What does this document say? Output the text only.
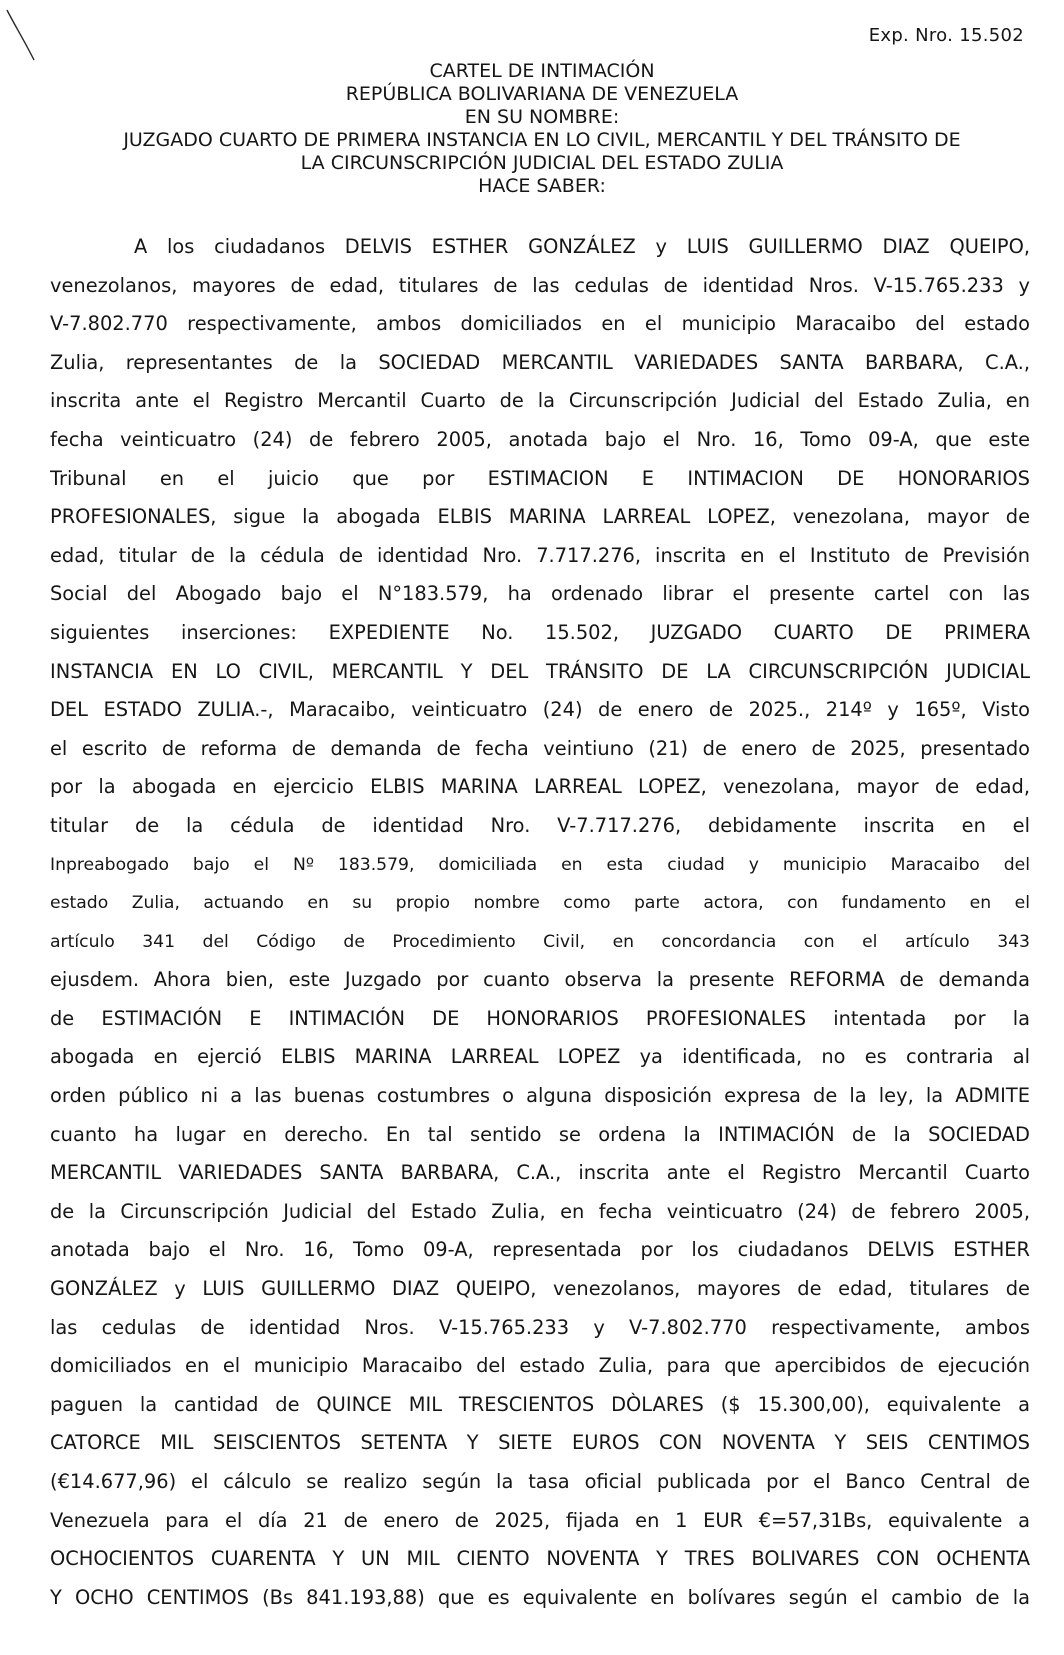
Exp. Nro. 15.502
CARTEL DE INTIMACIÓN
REPÚBLICA BOLIVARIANA DE VENEZUELA
EN SU NOMBRE:
JUZGADO CUARTO DE PRIMERA INSTANCIA EN LO CIVIL, MERCANTIL Y DEL TRÁNSITO DE
LA CIRCUNSCRIPCIÓN JUDICIAL DEL ESTADO ZULIA
HACE SABER:
A los ciudadanos DELVIS ESTHER GONZÁLEZ y LUIS GUILLERMO DIAZ QUEIPO,
venezolanos, mayores de edad, titulares de las cedulas de identidad Nros. V-15.765.233 y
V-7.802.770 respectivamente, ambos domiciliados en el municipio Maracaibo del estado
Zulia, representantes de la SOCIEDAD MERCANTIL VARIEDADES SANTA BARBARA, C.A.,
inscrita ante el Registro Mercantil Cuarto de la Circunscripción Judicial del Estado Zulia, en
fecha veinticuatro (24) de febrero 2005, anotada bajo el Nro. 16, Tomo 09-A, que este
Tribunal en el juicio que por ESTIMACION E INTIMACION DE HONORARIOS
PROFESIONALES, sigue la abogada ELBIS MARINA LARREAL LOPEZ, venezolana, mayor de
edad, titular de la cédula de identidad Nro. 7.717.276, inscrita en el Instituto de Previsión
Social del Abogado bajo el N°183.579, ha ordenado librar el presente cartel con las
siguientes inserciones: EXPEDIENTE No. 15.502, JUZGADO CUARTO DE PRIMERA
INSTANCIA EN LO CIVIL, MERCANTIL Y DEL TRÁNSITO DE LA CIRCUNSCRIPCIÓN JUDICIAL
DEL ESTADO ZULIA.-, Maracaibo, veinticuatro (24) de enero de 2025., 214º y 165º, Visto
el escrito de reforma de demanda de fecha veintiuno (21) de enero de 2025, presentado
por la abogada en ejercicio ELBIS MARINA LARREAL LOPEZ, venezolana, mayor de edad,
titular de la cédula de identidad Nro. V-7.717.276, debidamente inscrita en el
Inpreabogado bajo el Nº 183.579, domiciliada en esta ciudad y municipio Maracaibo del
estado Zulia, actuando en su propio nombre como parte actora, con fundamento en el
artículo 341 del Código de Procedimiento Civil, en concordancia con el artículo 343
ejusdem. Ahora bien, este Juzgado por cuanto observa la presente REFORMA de demanda
de ESTIMACIÓN E INTIMACIÓN DE HONORARIOS PROFESIONALES intentada por la
abogada en ejerció ELBIS MARINA LARREAL LOPEZ ya identificada, no es contraria al
orden público ni a las buenas costumbres o alguna disposición expresa de la ley, la ADMITE
cuanto ha lugar en derecho. En tal sentido se ordena la INTIMACIÓN de la SOCIEDAD
MERCANTIL VARIEDADES SANTA BARBARA, C.A., inscrita ante el Registro Mercantil Cuarto
de la Circunscripción Judicial del Estado Zulia, en fecha veinticuatro (24) de febrero 2005,
anotada bajo el Nro. 16, Tomo 09-A, representada por los ciudadanos DELVIS ESTHER
GONZÁLEZ y LUIS GUILLERMO DIAZ QUEIPO, venezolanos, mayores de edad, titulares de
las cedulas de identidad Nros. V-15.765.233 y V-7.802.770 respectivamente, ambos
domiciliados en el municipio Maracaibo del estado Zulia, para que apercibidos de ejecución
paguen la cantidad de QUINCE MIL TRESCIENTOS DÒLARES ($ 15.300,00), equivalente a
CATORCE MIL SEISCIENTOS SETENTA Y SIETE EUROS CON NOVENTA Y SEIS CENTIMOS
(€14.677,96) el cálculo se realizo según la tasa oficial publicada por el Banco Central de
Venezuela para el día 21 de enero de 2025, fijada en 1 EUR €=57,31Bs, equivalente a
OCHOCIENTOS CUARENTA Y UN MIL CIENTO NOVENTA Y TRES BOLIVARES CON OCHENTA
Y OCHO CENTIMOS (Bs 841.193,88) que es equivalente en bolívares según el cambio de la
